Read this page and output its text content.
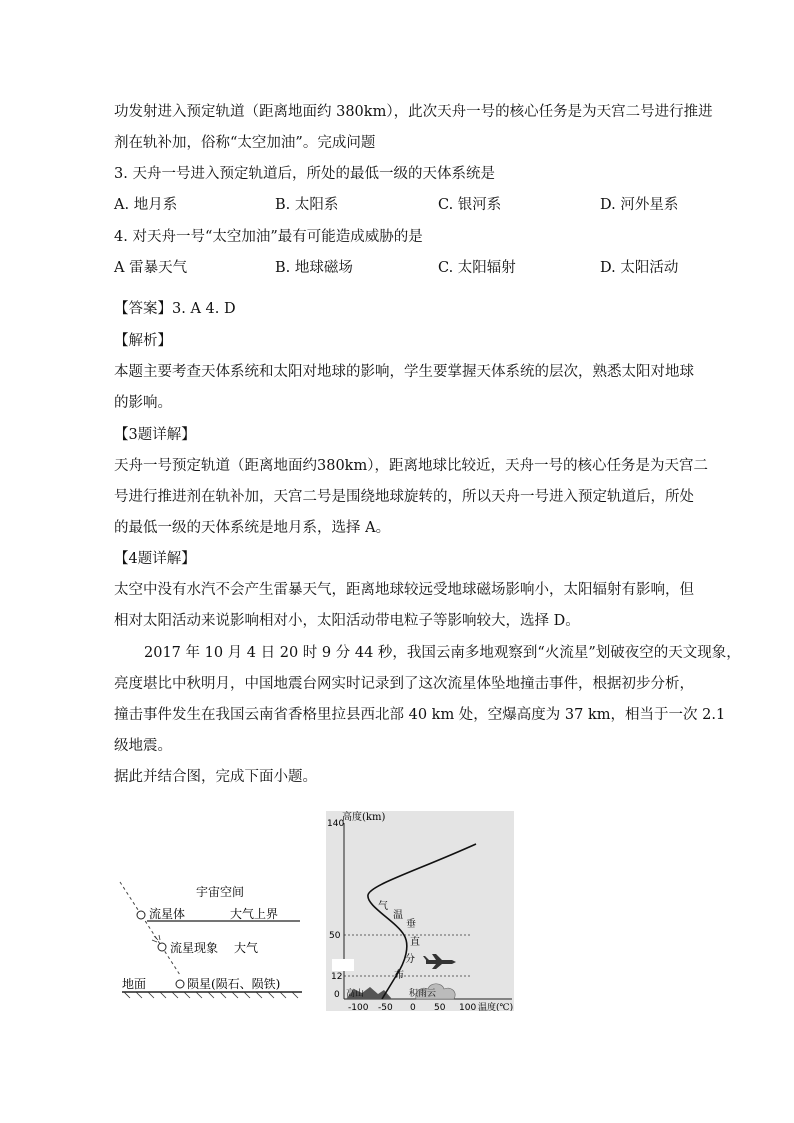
功发射进入预定轨道（距离地面约 380km），此次天舟一号的核心任务是为天宫二号进行推进
剂在轨补加，俗称“太空加油”。完成问题
3. 天舟一号进入预定轨道后，所处的最低一级的天体系统是
A. 地月系	B. 太阳系	C. 银河系	D. 河外星系
4. 对天舟一号“太空加油”最有可能造成威胁的是
A 雷暴天气	B. 地球磁场	C. 太阳辐射	D. 太阳活动
【答案】3. A 4. D
【解析】
本题主要考查天体系统和太阳对地球的影响，学生要掌握天体系统的层次，熟悉太阳对地球
的影响。
【3题详解】
天舟一号预定轨道（距离地面约380km），距离地球比较近，天舟一号的核心任务是为天宫二
号进行推进剂在轨补加，天宫二号是围绕地球旋转的，所以天舟一号进入预定轨道后，所处
的最低一级的天体系统是地月系，选择 A。
【4题详解】
太空中没有水汽不会产生雷暴天气，距离地球较远受地球磁场影响小，太阳辐射有影响，但
相对太阳活动来说影响相对小，太阳活动带电粒子等影响较大，选择 D。
2017 年 10 月 4 日 20 时 9 分 44 秒，我国云南多地观察到“火流星”划破夜空的天文现象，
亮度堪比中秋明月，中国地震台网实时记录到了这次流星体坠地撞击事件，根据初步分析，
撞击事件发生在我国云南省香格里拉县西北部 40 km 处，空爆高度为 37 km，相当于一次 2.1
级地震。
据此并结合图，完成下面小题。
宇宙空间
流星体	大气上界
流星现象 大气
地面	陨星(陨石、陨铁)
140
50
12
0
高度(km)
-100 -50 0 50 100 温度(℃)
气
温
垂
直
分
布
高山	积雨云
